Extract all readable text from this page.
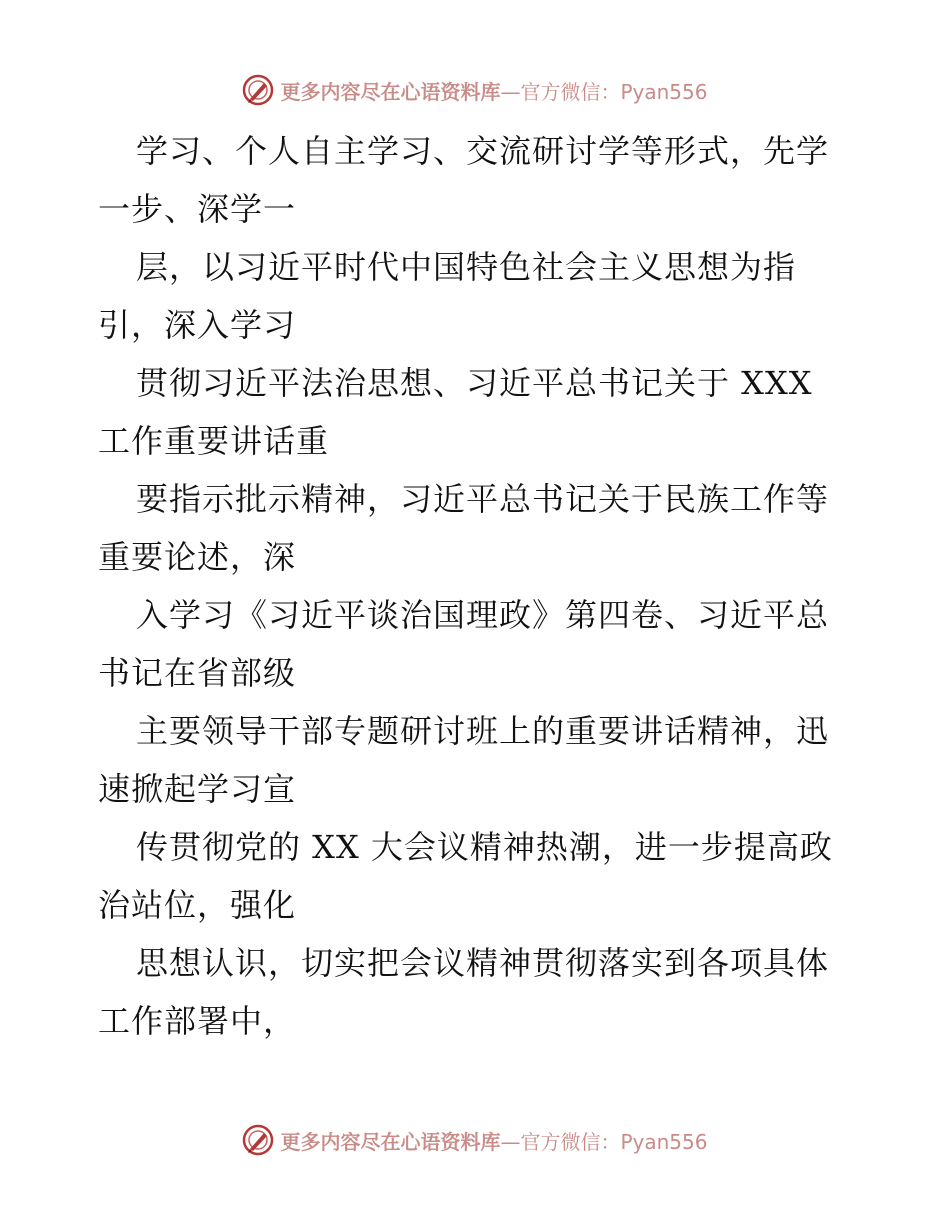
更多内容尽在心语资料库—官方微信：Pyan556
学习、个人自主学习、交流研讨学等形式，先学
一步、深学一
层，以习近平时代中国特色社会主义思想为指
引，深入学习
贯彻习近平法治思想、习近平总书记关于 XXX
工作重要讲话重
要指示批示精神，习近平总书记关于民族工作等
重要论述，深
入学习《习近平谈治国理政》第四卷、习近平总
书记在省部级
主要领导干部专题研讨班上的重要讲话精神，迅
速掀起学习宣
传贯彻党的 XX 大会议精神热潮，进一步提高政
治站位，强化
思想认识，切实把会议精神贯彻落实到各项具体
工作部署中，
更多内容尽在心语资料库—官方微信：Pyan556
